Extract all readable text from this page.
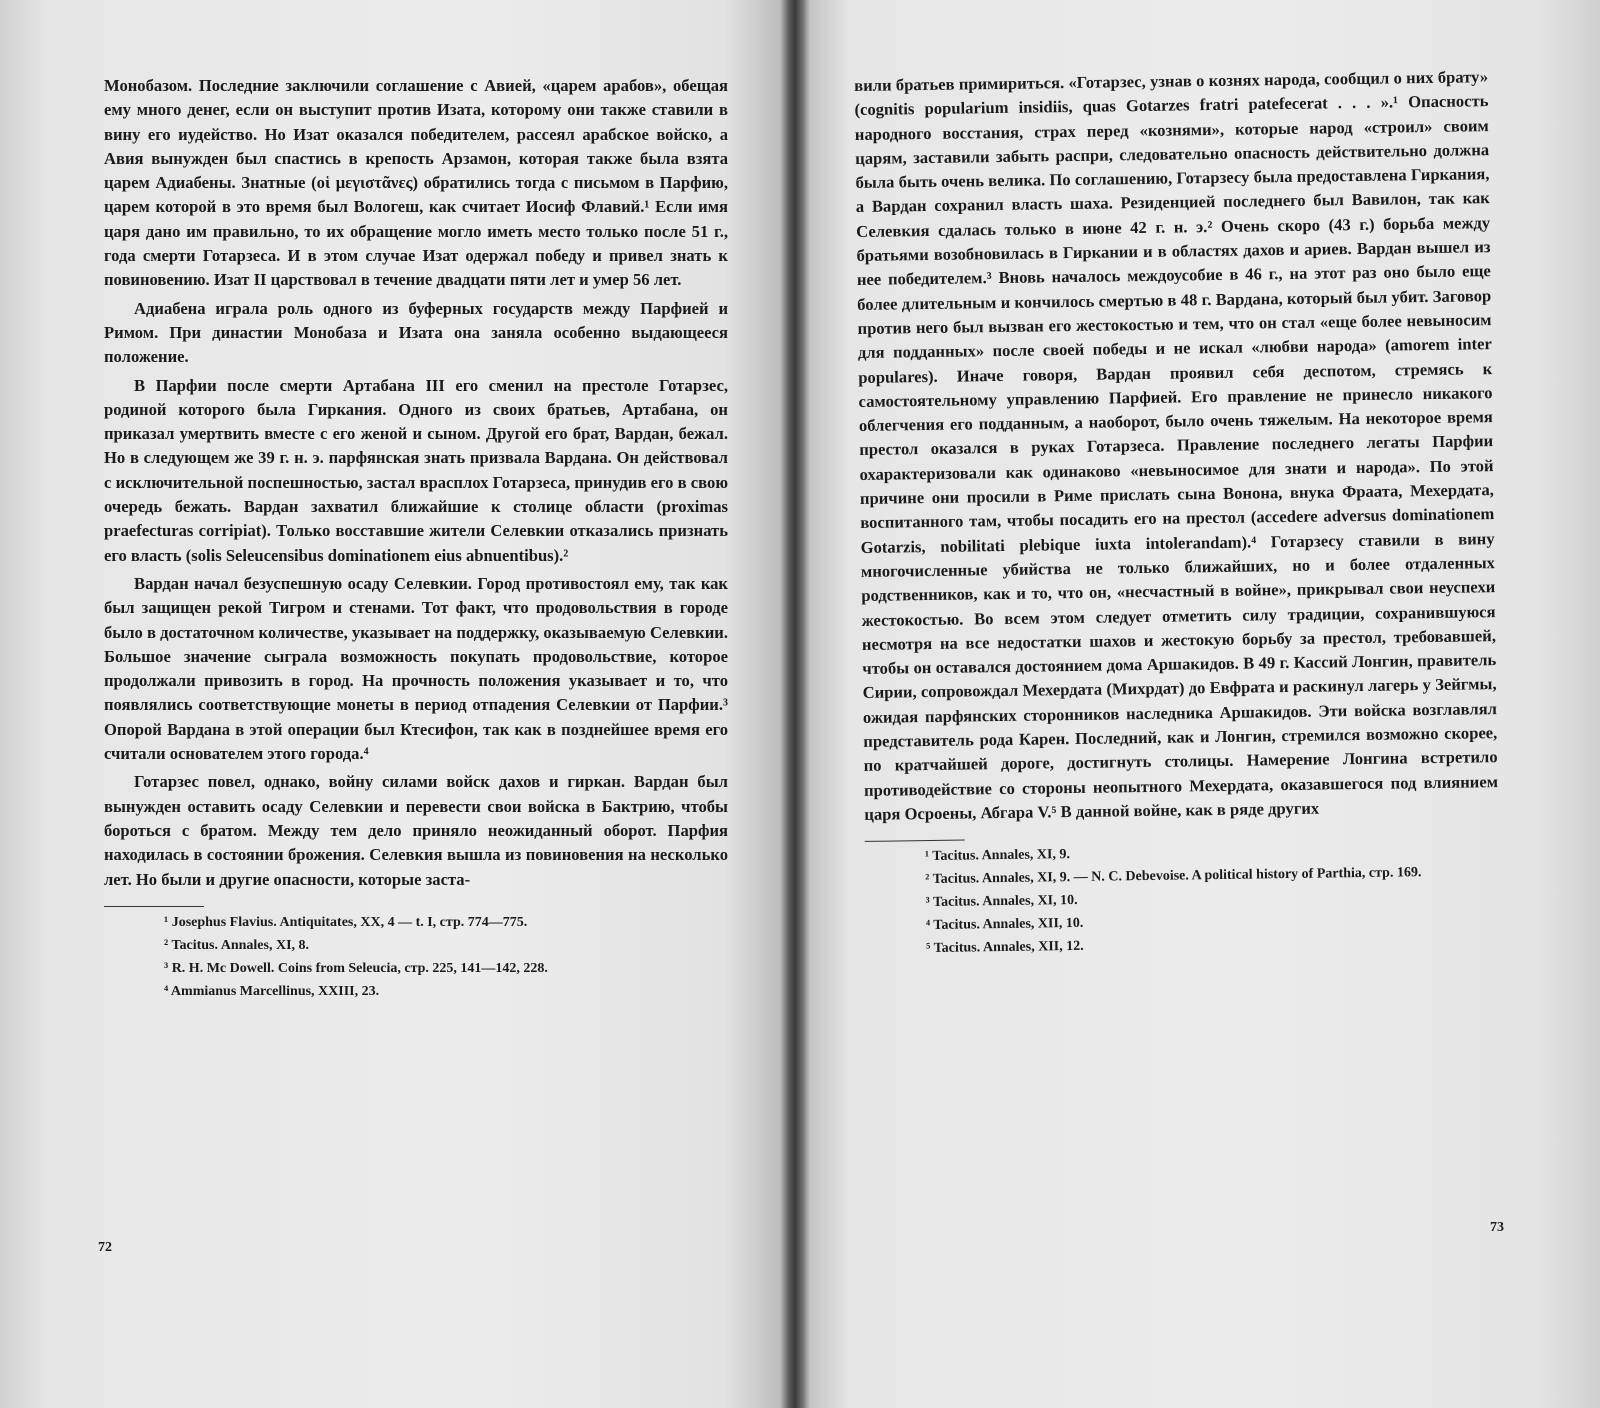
Монобазом. Последние заключили соглашение с Авией, «царем арабов», обещая ему много денег, если он выступит против Изата, которому они также ставили в вину его иудейство. Но Изат оказался победителем, рассеял арабское войско, а Авия вынужден был спастись в крепость Арзамон, которая также была взята царем Адиабены. Знатные (οἱ μεγιστᾶνες) обратились тогда с письмом в Парфию, царем которой в это время был Вологеш, как считает Иосиф Флавий.¹ Если имя царя дано им правильно, то их обращение могло иметь место только после 51 г., года смерти Готарзеса. И в этом случае Изат одержал победу и привел знать к повиновению. Изат II царствовал в течение двадцати пяти лет и умер 56 лет.

Адиабена играла роль одного из буферных государств между Парфией и Римом. При династии Монобаза и Изата она заняла особенно выдающееся положение.

В Парфии после смерти Артабана III его сменил на престоле Готарзес, родиной которого была Гиркания. Одного из своих братьев, Артабана, он приказал умертвить вместе с его женой и сыном. Другой его брат, Вардан, бежал. Но в следующем же 39 г. н. э. парфянская знать призвала Вардана. Он действовал с исключительной поспешностью, застал врасплох Готарзеса, принудив его в свою очередь бежать. Вардан захватил ближайшие к столице области (proximas praefecturas corripiat). Только восставшие жители Селевкии отказались признать его власть (solis Seleucensibus dominationem eius abnuentibus).²

Вардан начал безуспешную осаду Селевкии. Город противостоял ему, так как был защищен рекой Тигром и стенами. Тот факт, что продовольствия в городе было в достаточном количестве, указывает на поддержку, оказываемую Селевкии. Большое значение сыграла возможность покупать продовольствие, которое продолжали привозить в город. На прочность положения указывает и то, что появлялись соответствующие монеты в период отпадения Селевкии от Парфии.³ Опорой Вардана в этой операции был Ктесифон, так как в позднейшее время его считали основателем этого города.⁴

Готарзес повел, однако, войну силами войск дахов и гиркан. Вардан был вынужден оставить осаду Селевкии и перевести свои войска в Бактрию, чтобы бороться с братом. Между тем дело приняло неожиданный оборот. Парфия находилась в состоянии брожения. Селевкия вышла из повиновения на несколько лет. Но были и другие опасности, которые заста-

¹ Josephus Flavius. Antiquitates, XX, 4 — t. I, стр. 774—775.

² Tacitus. Annales, XI, 8.

³ R. H. Mc Dowell. Coins from Seleucia, стр. 225, 141—142, 228.

⁴ Ammianus Marcellinus, XXIII, 23.

72

вили братьев примириться. «Готарзес, узнав о кознях народа, сообщил о них брату» (cognitis popularium insidiis, quas Gotarzes fratri patefecerat . . . ».¹ Опасность народного восстания, страх перед «кознями», которые народ «строил» своим царям, заставили забыть распри, следовательно опасность действительно должна была быть очень велика. По соглашению, Готарзесу была предоставлена Гиркания, а Вардан сохранил власть шаха. Резиденцией последнего был Вавилон, так как Селевкия сдалась только в июне 42 г. н. э.² Очень скоро (43 г.) борьба между братьями возобновилась в Гиркании и в областях дахов и ариев. Вардан вышел из нее победителем.³ Вновь началось междоусобие в 46 г., на этот раз оно было еще более длительным и кончилось смертью в 48 г. Вардана, который был убит. Заговор против него был вызван его жестокостью и тем, что он стал «еще более невыносим для подданных» после своей победы и не искал «любви народа» (amorem inter populares). Иначе говоря, Вардан проявил себя деспотом, стремясь к самостоятельному управлению Парфией. Его правление не принесло никакого облегчения его подданным, а наоборот, было очень тяжелым. На некоторое время престол оказался в руках Готарзеса. Правление последнего легаты Парфии охарактеризовали как одинаково «невыносимое для знати и народа». По этой причине они просили в Риме прислать сына Вонона, внука Фраата, Мехердата, воспитанного там, чтобы посадить его на престол (accedere adversus dominationem Gotarzis, nobilitati plebique iuxta intolerandam).⁴ Готарзесу ставили в вину многочисленные убийства не только ближайших, но и более отдаленных родственников, как и то, что он, «несчастный в войне», прикрывал свои неуспехи жестокостью. Во всем этом следует отметить силу традиции, сохранившуюся несмотря на все недостатки шахов и жестокую борьбу за престол, требовавшей, чтобы он оставался достоянием дома Аршакидов. В 49 г. Кассий Лонгин, правитель Сирии, сопровождал Мехердата (Михрдат) до Евфрата и раскинул лагерь у Зейгмы, ожидая парфянских сторонников наследника Аршакидов. Эти войска возглавлял представитель рода Карен. Последний, как и Лонгин, стремился возможно скорее, по кратчайшей дороге, достигнуть столицы. Намерение Лонгина встретило противодействие со стороны неопытного Мехердата, оказавшегося под влиянием царя Осроены, Абгара V.⁵ В данной войне, как в ряде других

¹ Tacitus. Annales, XI, 9.

² Tacitus. Annales, XI, 9. — N. C. Debevoise. A political history of Parthia, стр. 169.

³ Tacitus. Annales, XI, 10.

⁴ Tacitus. Annales, XII, 10.

⁵ Tacitus. Annales, XII, 12.

73
